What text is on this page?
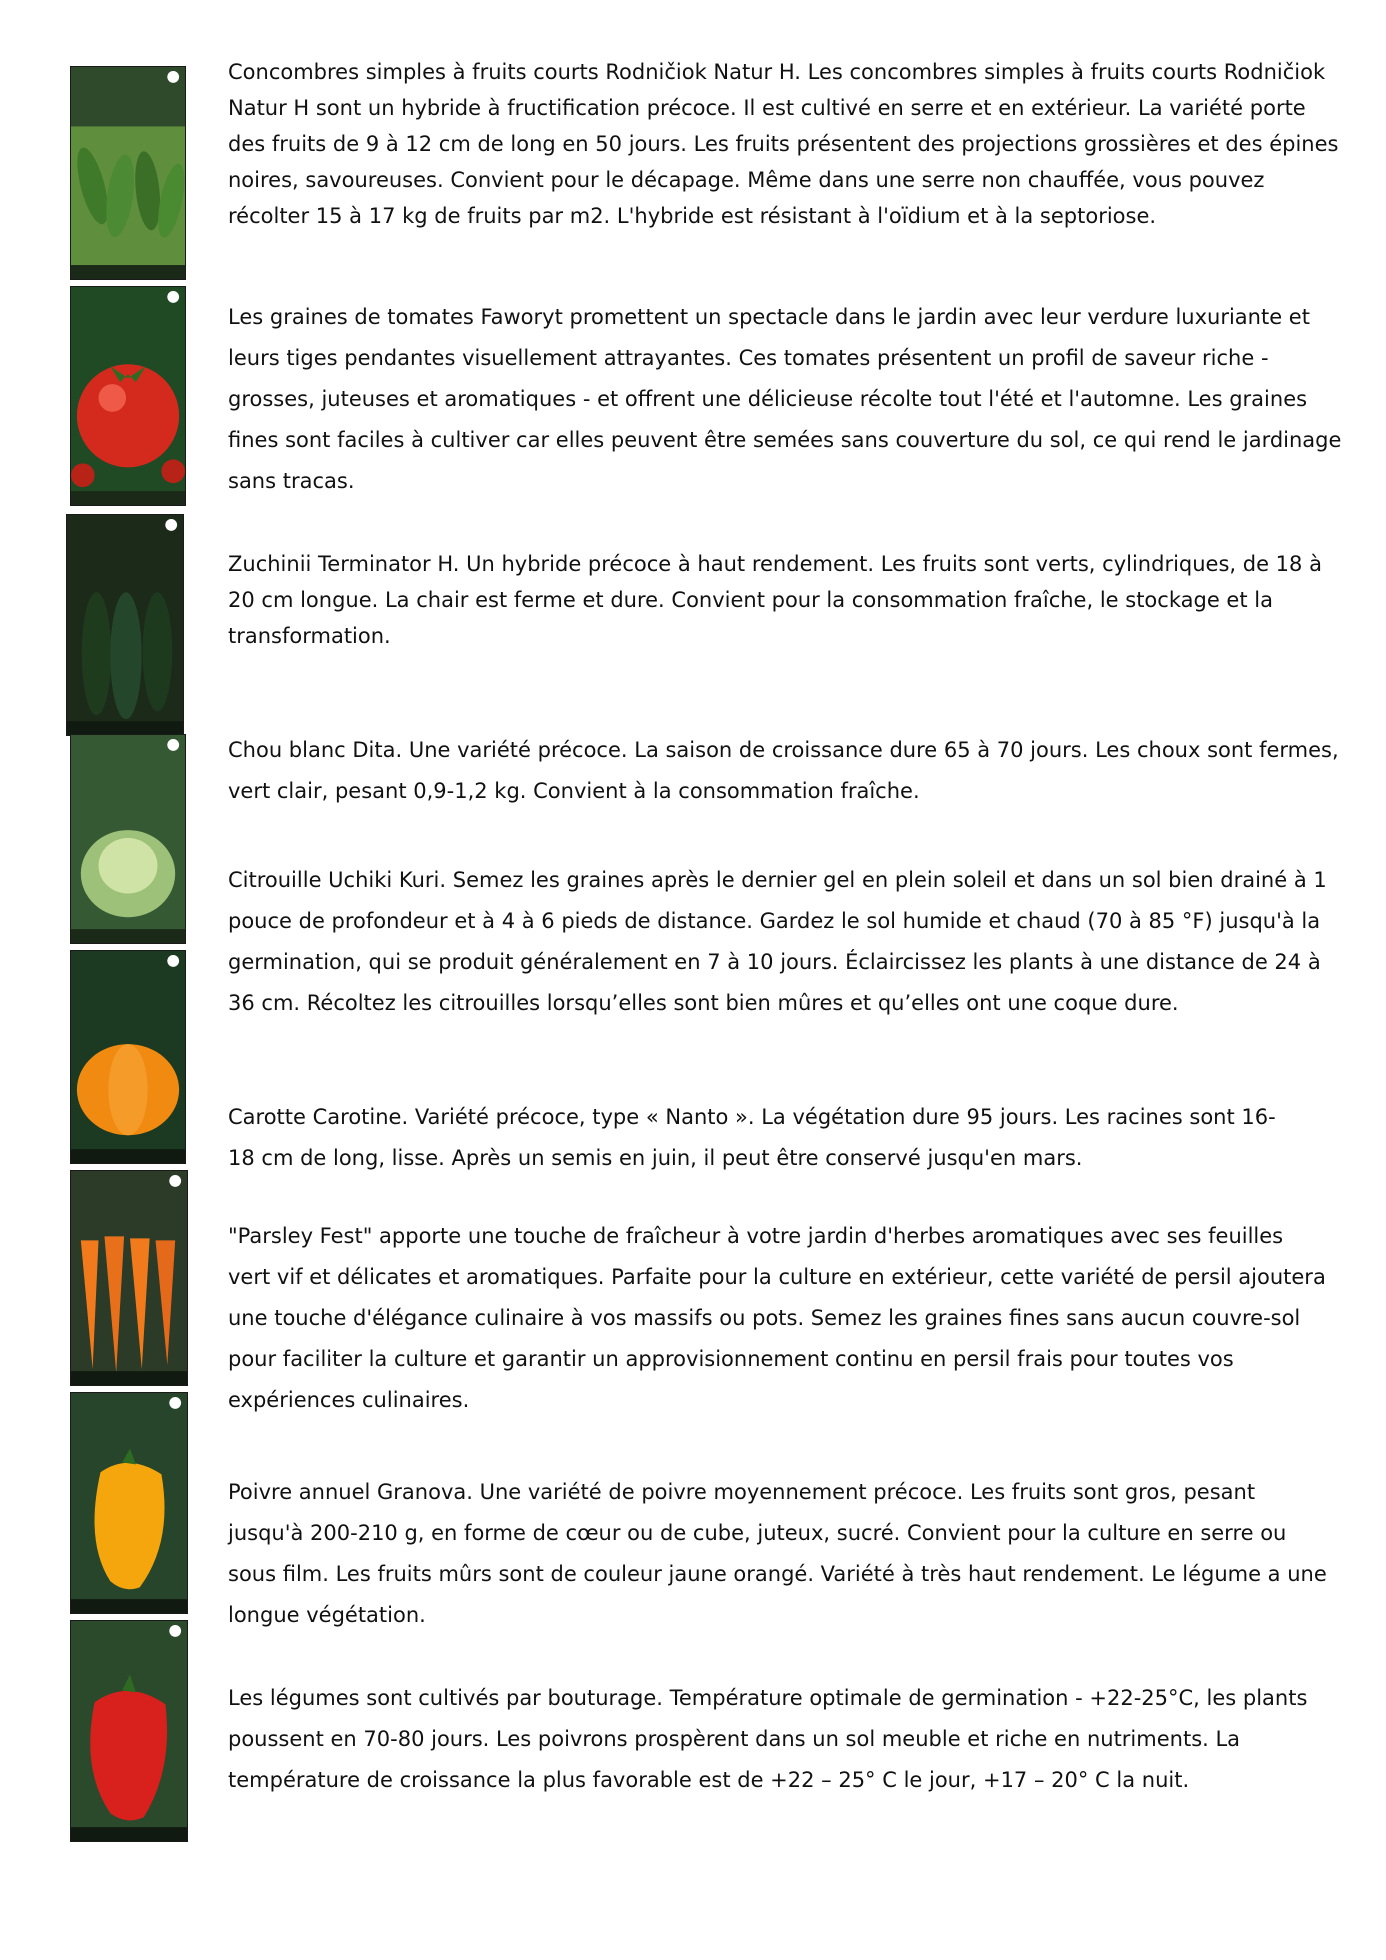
Concombres simples à fruits courts Rodničiok Natur H. Les concombres simples à fruits courts Rodničiok
Natur H sont un hybride à fructification précoce. Il est cultivé en serre et en extérieur. La variété porte
des fruits de 9 à 12 cm de long en 50 jours. Les fruits présentent des projections grossières et des épines
noires, savoureuses. Convient pour le décapage. Même dans une serre non chauffée, vous pouvez
récolter 15 à 17 kg de fruits par m2. L'hybride est résistant à l'oïdium et à la septoriose.
Les graines de tomates Faworyt promettent un spectacle dans le jardin avec leur verdure luxuriante et
leurs tiges pendantes visuellement attrayantes. Ces tomates présentent un profil de saveur riche -
grosses, juteuses et aromatiques - et offrent une délicieuse récolte tout l'été et l'automne. Les graines
fines sont faciles à cultiver car elles peuvent être semées sans couverture du sol, ce qui rend le jardinage
sans tracas.
Zuchinii Terminator H. Un hybride précoce à haut rendement. Les fruits sont verts, cylindriques, de 18 à
20 cm longue. La chair est ferme et dure. Convient pour la consommation fraîche, le stockage et la
transformation.
Chou blanc Dita. Une variété précoce. La saison de croissance dure 65 à 70 jours. Les choux sont fermes,
vert clair, pesant 0,9-1,2 kg. Convient à la consommation fraîche.
Citrouille Uchiki Kuri. Semez les graines après le dernier gel en plein soleil et dans un sol bien drainé à 1
pouce de profondeur et à 4 à 6 pieds de distance. Gardez le sol humide et chaud (70 à 85 °F) jusqu'à la
germination, qui se produit généralement en 7 à 10 jours. Éclaircissez les plants à une distance de 24 à
36 cm. Récoltez les citrouilles lorsqu’elles sont bien mûres et qu’elles ont une coque dure.
Carotte Carotine. Variété précoce, type « Nanto ». La végétation dure 95 jours. Les racines sont 16-
18 cm de long, lisse. Après un semis en juin, il peut être conservé jusqu'en mars.
"Parsley Fest" apporte une touche de fraîcheur à votre jardin d'herbes aromatiques avec ses feuilles
vert vif et délicates et aromatiques. Parfaite pour la culture en extérieur, cette variété de persil ajoutera
une touche d'élégance culinaire à vos massifs ou pots. Semez les graines fines sans aucun couvre-sol
pour faciliter la culture et garantir un approvisionnement continu en persil frais pour toutes vos
expériences culinaires.
Poivre annuel Granova. Une variété de poivre moyennement précoce. Les fruits sont gros, pesant
jusqu'à 200-210 g, en forme de cœur ou de cube, juteux, sucré. Convient pour la culture en serre ou
sous film. Les fruits mûrs sont de couleur jaune orangé. Variété à très haut rendement. Le légume a une
longue végétation.
Les légumes sont cultivés par bouturage. Température optimale de germination - +22-25°C, les plants
poussent en 70-80 jours. Les poivrons prospèrent dans un sol meuble et riche en nutriments. La
température de croissance la plus favorable est de +22 – 25° C le jour, +17 – 20° C la nuit.
